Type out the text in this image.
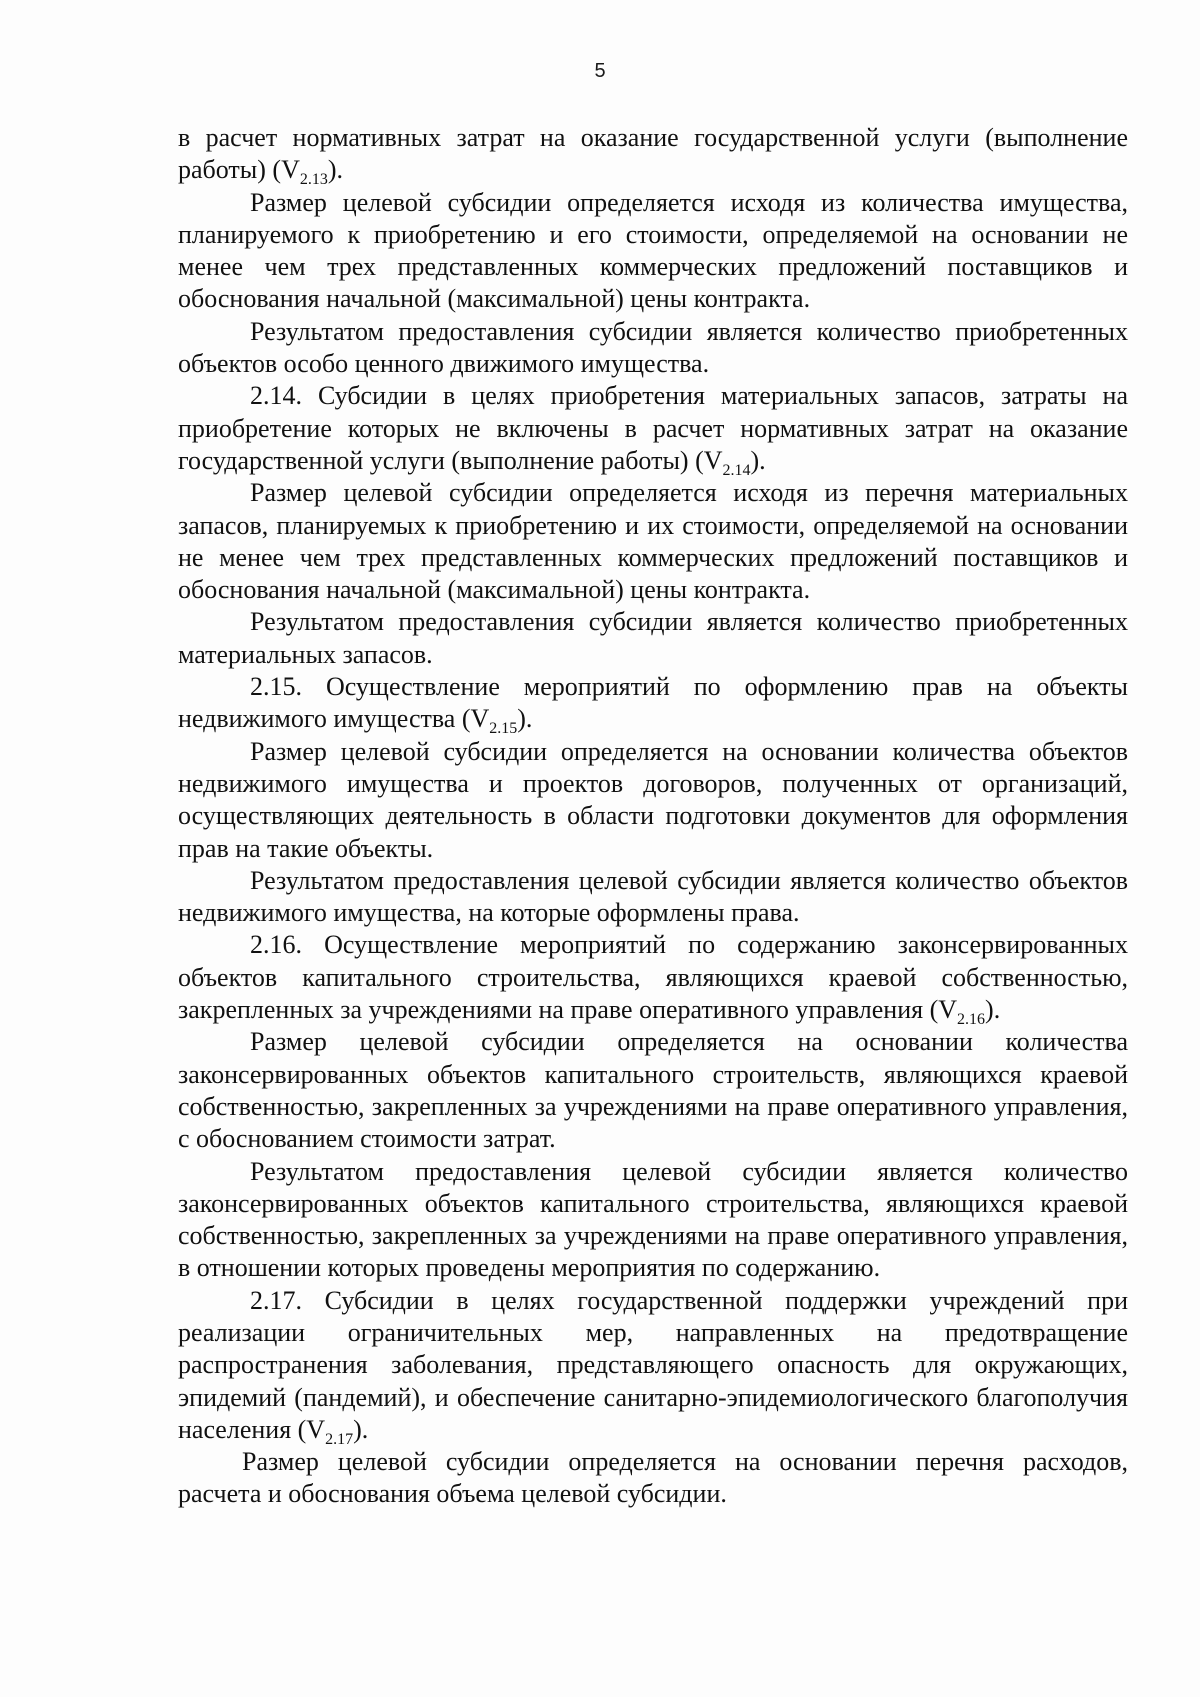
5

в расчет нормативных затрат на оказание государственной услуги (выполнение работы) $(V_{2.13})$.

Размер целевой субсидии определяется исходя из количества имущества, планируемого к приобретению и его стоимости, определяемой на основании не менее чем трех представленных коммерческих предложений поставщиков и обоснования начальной (максимальной) цены контракта.

Результатом предоставления субсидии является количество приобретенных объектов особо ценного движимого имущества.

2.14. Субсидии в целях приобретения материальных запасов, затраты на приобретение которых не включены в расчет нормативных затрат на оказание государственной услуги (выполнение работы) $(V_{2.14})$.

Размер целевой субсидии определяется исходя из перечня материальных запасов, планируемых к приобретению и их стоимости, определяемой на основании не менее чем трех представленных коммерческих предложений поставщиков и обоснования начальной (максимальной) цены контракта.

Результатом предоставления субсидии является количество приобретенных материальных запасов.

2.15. Осуществление мероприятий по оформлению прав на объекты недвижимого имущества $(V_{2.15})$.

Размер целевой субсидии определяется на основании количества объектов недвижимого имущества и проектов договоров, полученных от организаций, осуществляющих деятельность в области подготовки документов для оформления прав на такие объекты.

Результатом предоставления целевой субсидии является количество объектов недвижимого имущества, на которые оформлены права.

2.16. Осуществление мероприятий по содержанию законсервированных объектов капитального строительства, являющихся краевой собственностью, закрепленных за учреждениями на праве оперативного управления $(V_{2.16})$.

Размер целевой субсидии определяется на основании количества законсервированных объектов капитального строительств, являющихся краевой собственностью, закрепленных за учреждениями на праве оперативного управления, с обоснованием стоимости затрат.

Результатом предоставления целевой субсидии является количество законсервированных объектов капитального строительства, являющихся краевой собственностью, закрепленных за учреждениями на праве оперативного управления, в отношении которых проведены мероприятия по содержанию.

2.17. Субсидии в целях государственной поддержки учреждений при реализации ограничительных мер, направленных на предотвращение распространения заболевания, представляющего опасность для окружающих, эпидемий (пандемий), и обеспечение санитарно-эпидемиологического благополучия населения $(V_{2.17})$.

Размер целевой субсидии определяется на основании перечня расходов, расчета и обоснования объема целевой субсидии.
